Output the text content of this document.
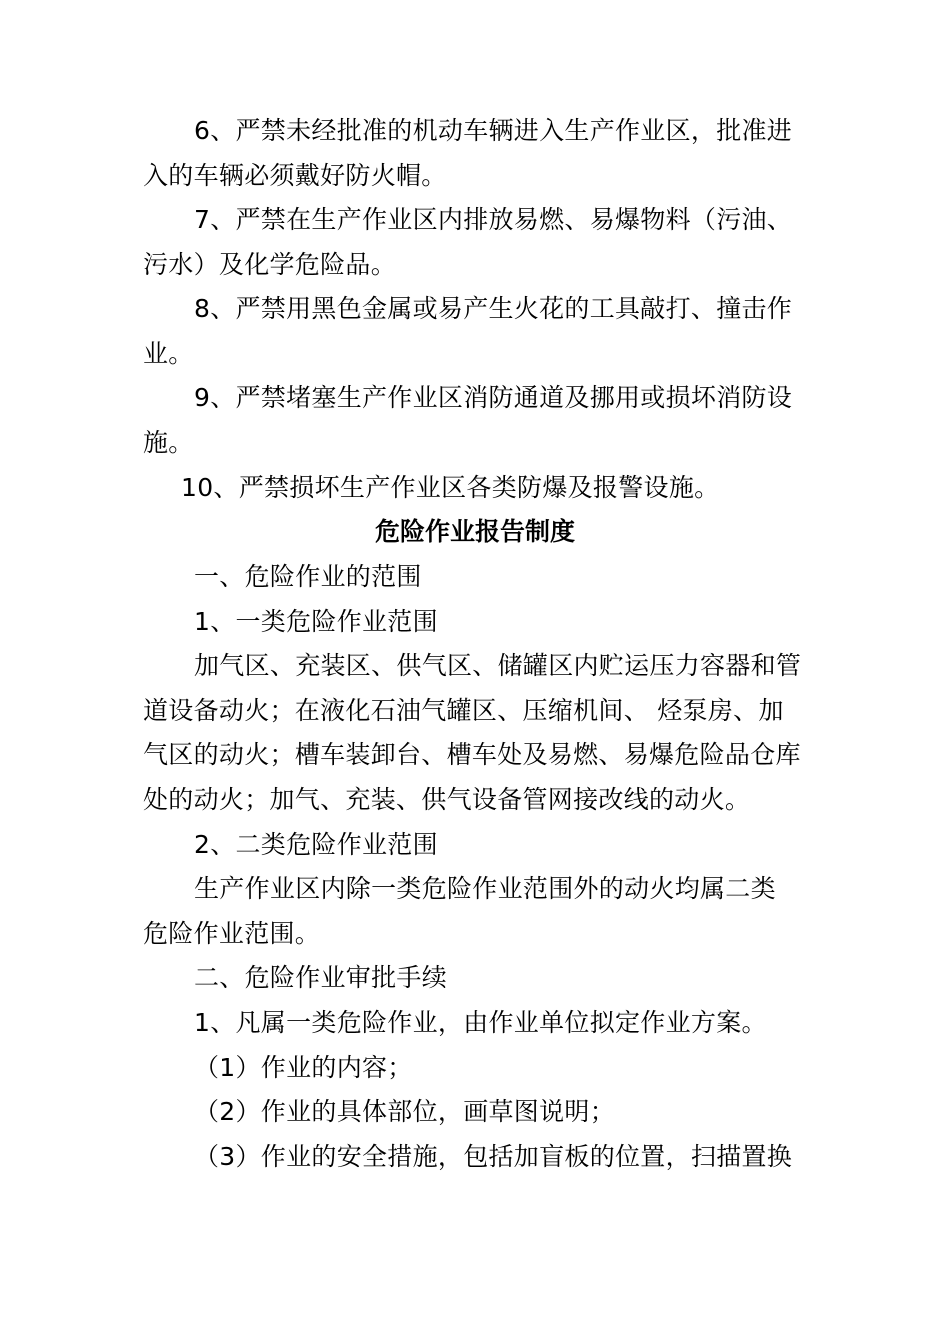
6、严禁未经批准的机动车辆进入生产作业区，批准进
入的车辆必须戴好防火帽。
7、严禁在生产作业区内排放易燃、易爆物料（污油、
污水）及化学危险品。
8、严禁用黑色金属或易产生火花的工具敲打、撞击作
业。
9、严禁堵塞生产作业区消防通道及挪用或损坏消防设
施。
10、严禁损坏生产作业区各类防爆及报警设施。
危险作业报告制度
一、危险作业的范围
1、一类危险作业范围
加气区、充装区、供气区、储罐区内贮运压力容器和管
道设备动火；在液化石油气罐区、压缩机间、 烃泵房、加
气区的动火；槽车装卸台、槽车处及易燃、易爆危险品仓库
处的动火；加气、充装、供气设备管网接改线的动火。
2、二类危险作业范围
生产作业区内除一类危险作业范围外的动火均属二类
危险作业范围。
二、危险作业审批手续
1、凡属一类危险作业，由作业单位拟定作业方案。
（1）作业的内容；
（2）作业的具体部位，画草图说明；
（3）作业的安全措施，包括加盲板的位置，扫描置换
